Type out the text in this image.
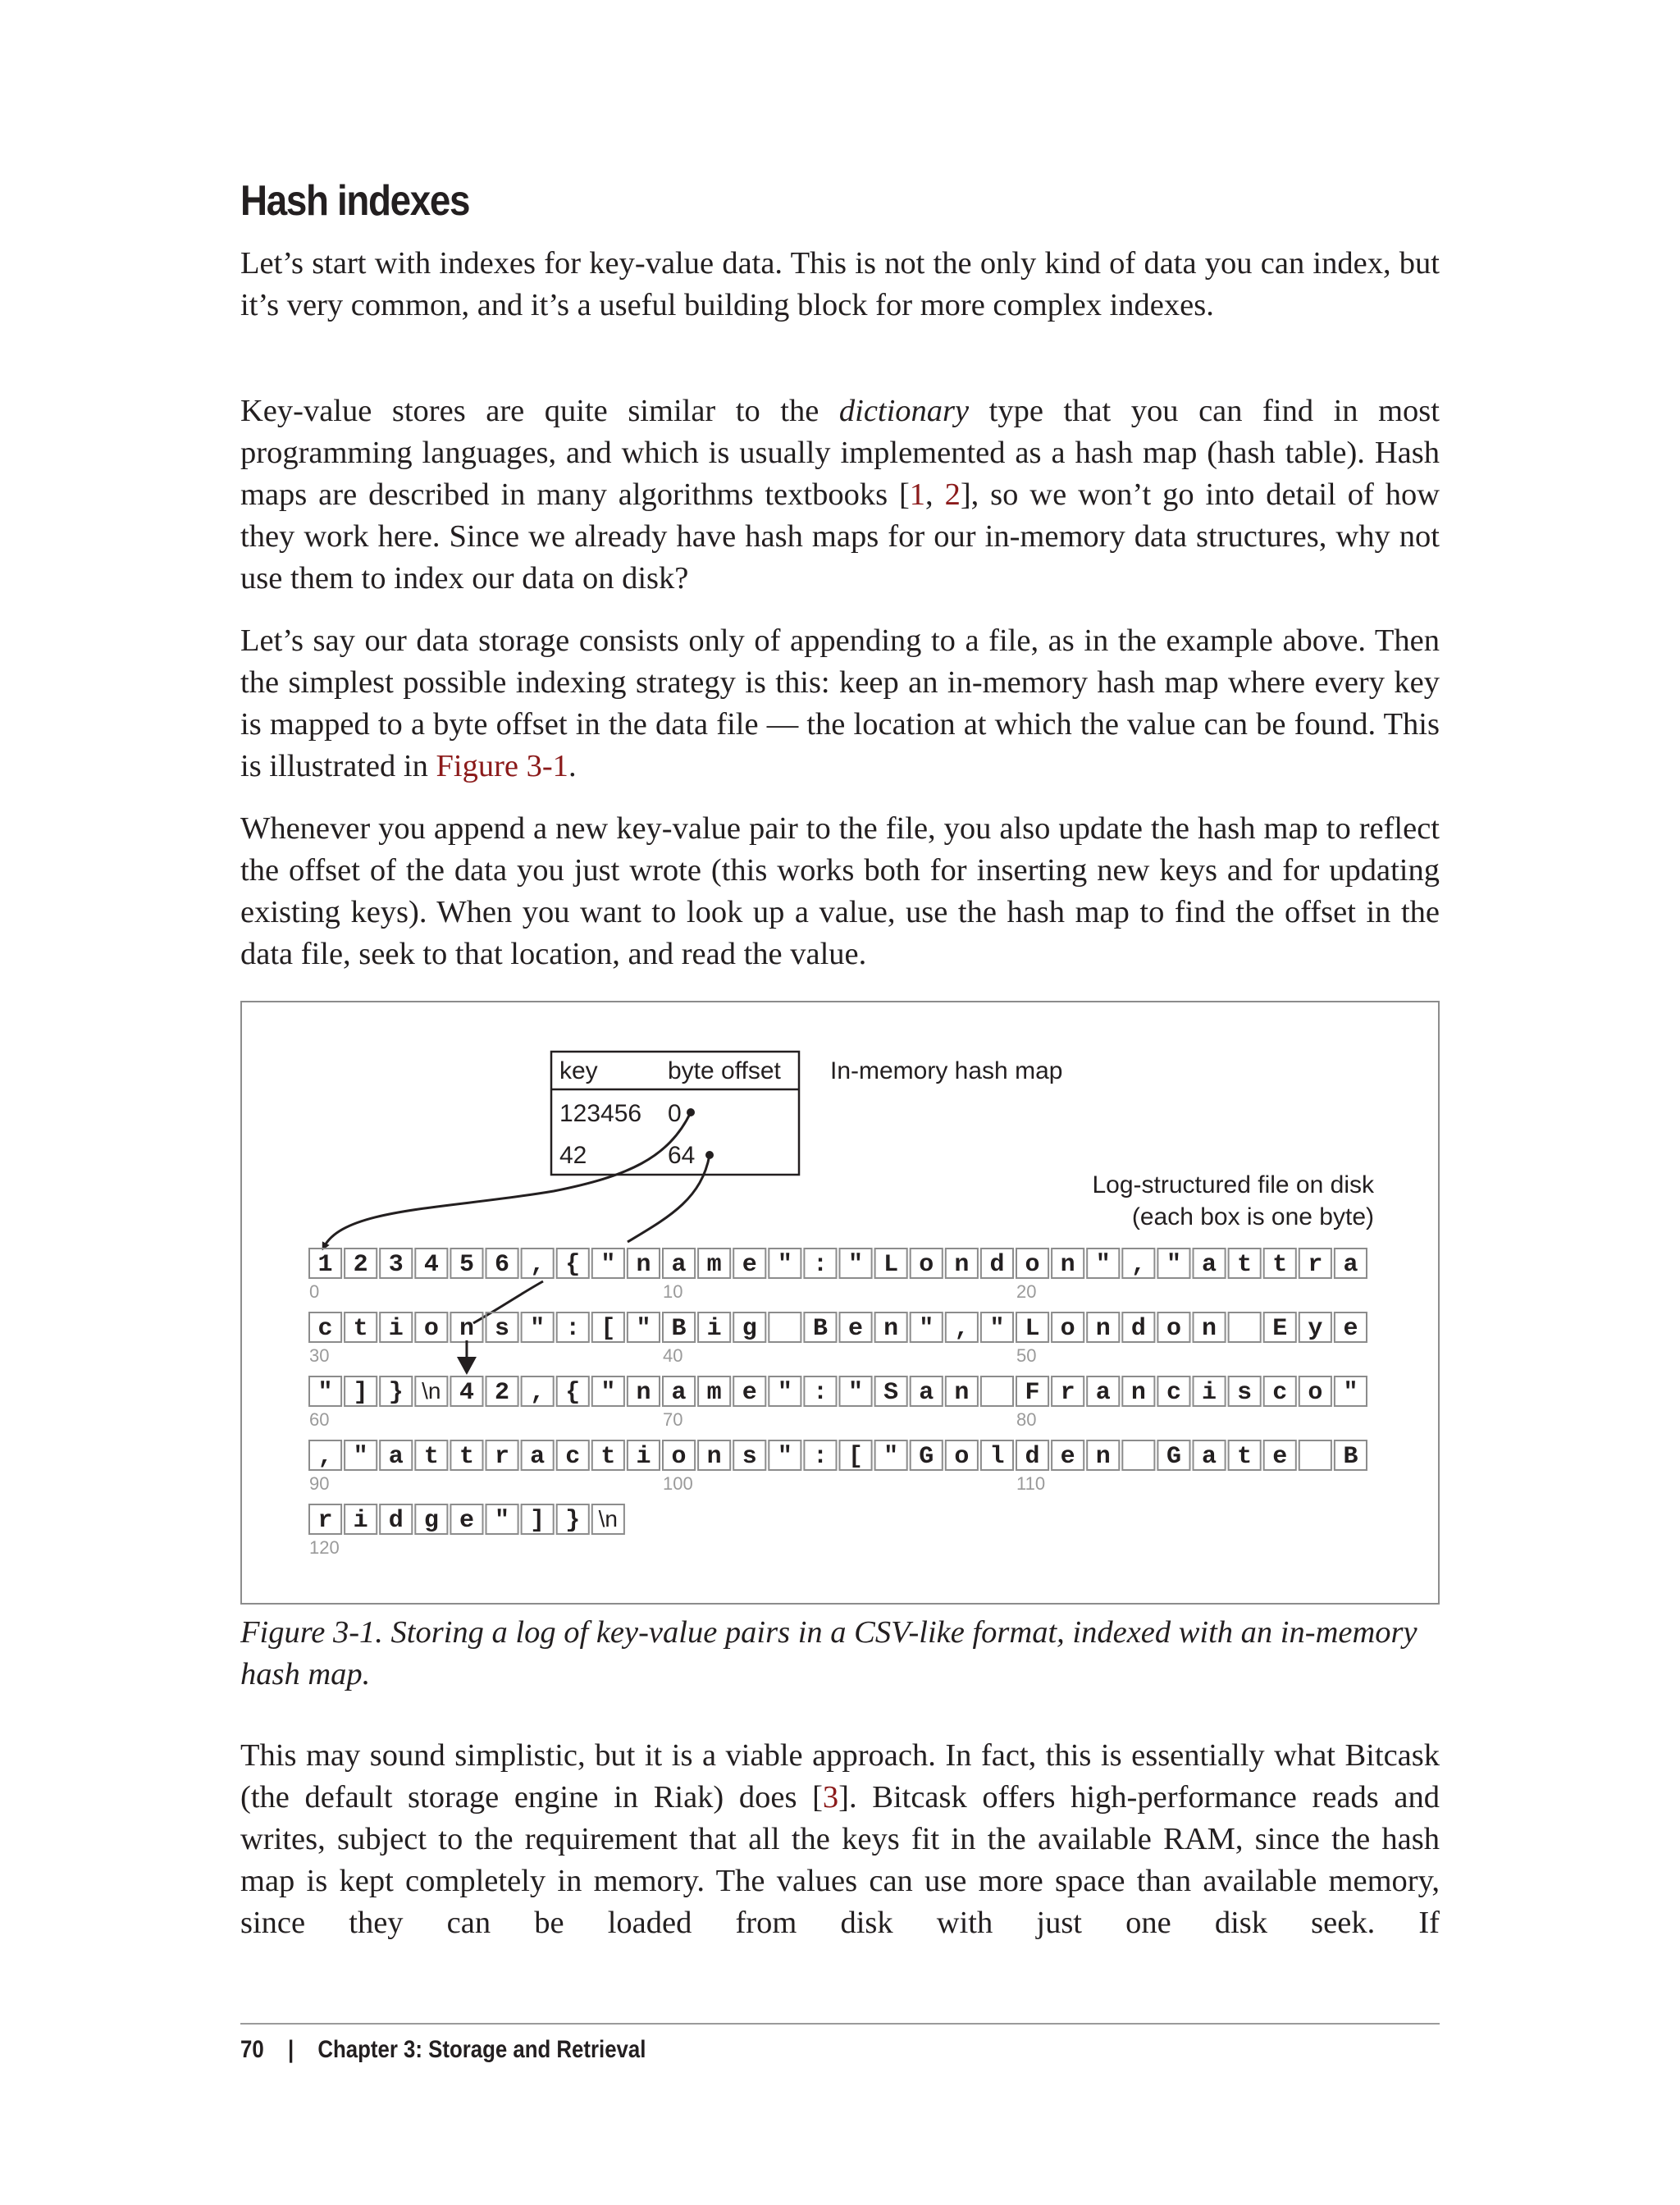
Hash indexes

Let’s start with indexes for key-value data. This is not the only kind of data you can index, but it’s very common, and it’s a useful building block for more complex indexes.

Key-value stores are quite similar to the dictionary type that you can find in most programming languages, and which is usually implemented as a hash map (hash table). Hash maps are described in many algorithms textbooks [1, 2], so we won’t go into detail of how they work here. Since we already have hash maps for our in-memory data structures, why not use them to index our data on disk?

Let’s say our data storage consists only of appending to a file, as in the example above. Then the simplest possible indexing strategy is this: keep an in-memory hash map where every key is mapped to a byte offset in the data file — the location at which the value can be found. This is illustrated in Figure 3-1.

Whenever you append a new key-value pair to the file, you also update the hash map to reflect the offset of the data you just wrote (this works both for inserting new keys and for updating existing keys). When you want to look up a value, use the hash map to find the offset in the data file, seek to that location, and read the value.

key	byte offset
123456 0
42	64
In-memory hash map
Log-structured file on disk
(each box is one byte)
1 2 3 4 5 6 , { " n a m e " : " L o n d o n " , " a t t r a
c t i o n s " : [ " B i g B e n " , " L o n d o n E y e
" ] } \n 4 2 , { " n a m e " : " S a n F r a n c i s c o "
, " a t t r a c t i o n s " : [ " G o l d e n G a t e B
r i d g e " ] } \n
0	10	20
30	40	50
60	70	80
90	100	110
120

Figure 3-1. Storing a log of key-value pairs in a CSV-like format, indexed with an in-memory hash map.

This may sound simplistic, but it is a viable approach. In fact, this is essentially what Bitcask (the default storage engine in Riak) does [3]. Bitcask offers high-performance reads and writes, subject to the requirement that all the keys fit in the available RAM, since the hash map is kept completely in memory. The values can use more space than available memory, since they can be loaded from disk with just one disk seek. If

70 | Chapter 3: Storage and Retrieval
